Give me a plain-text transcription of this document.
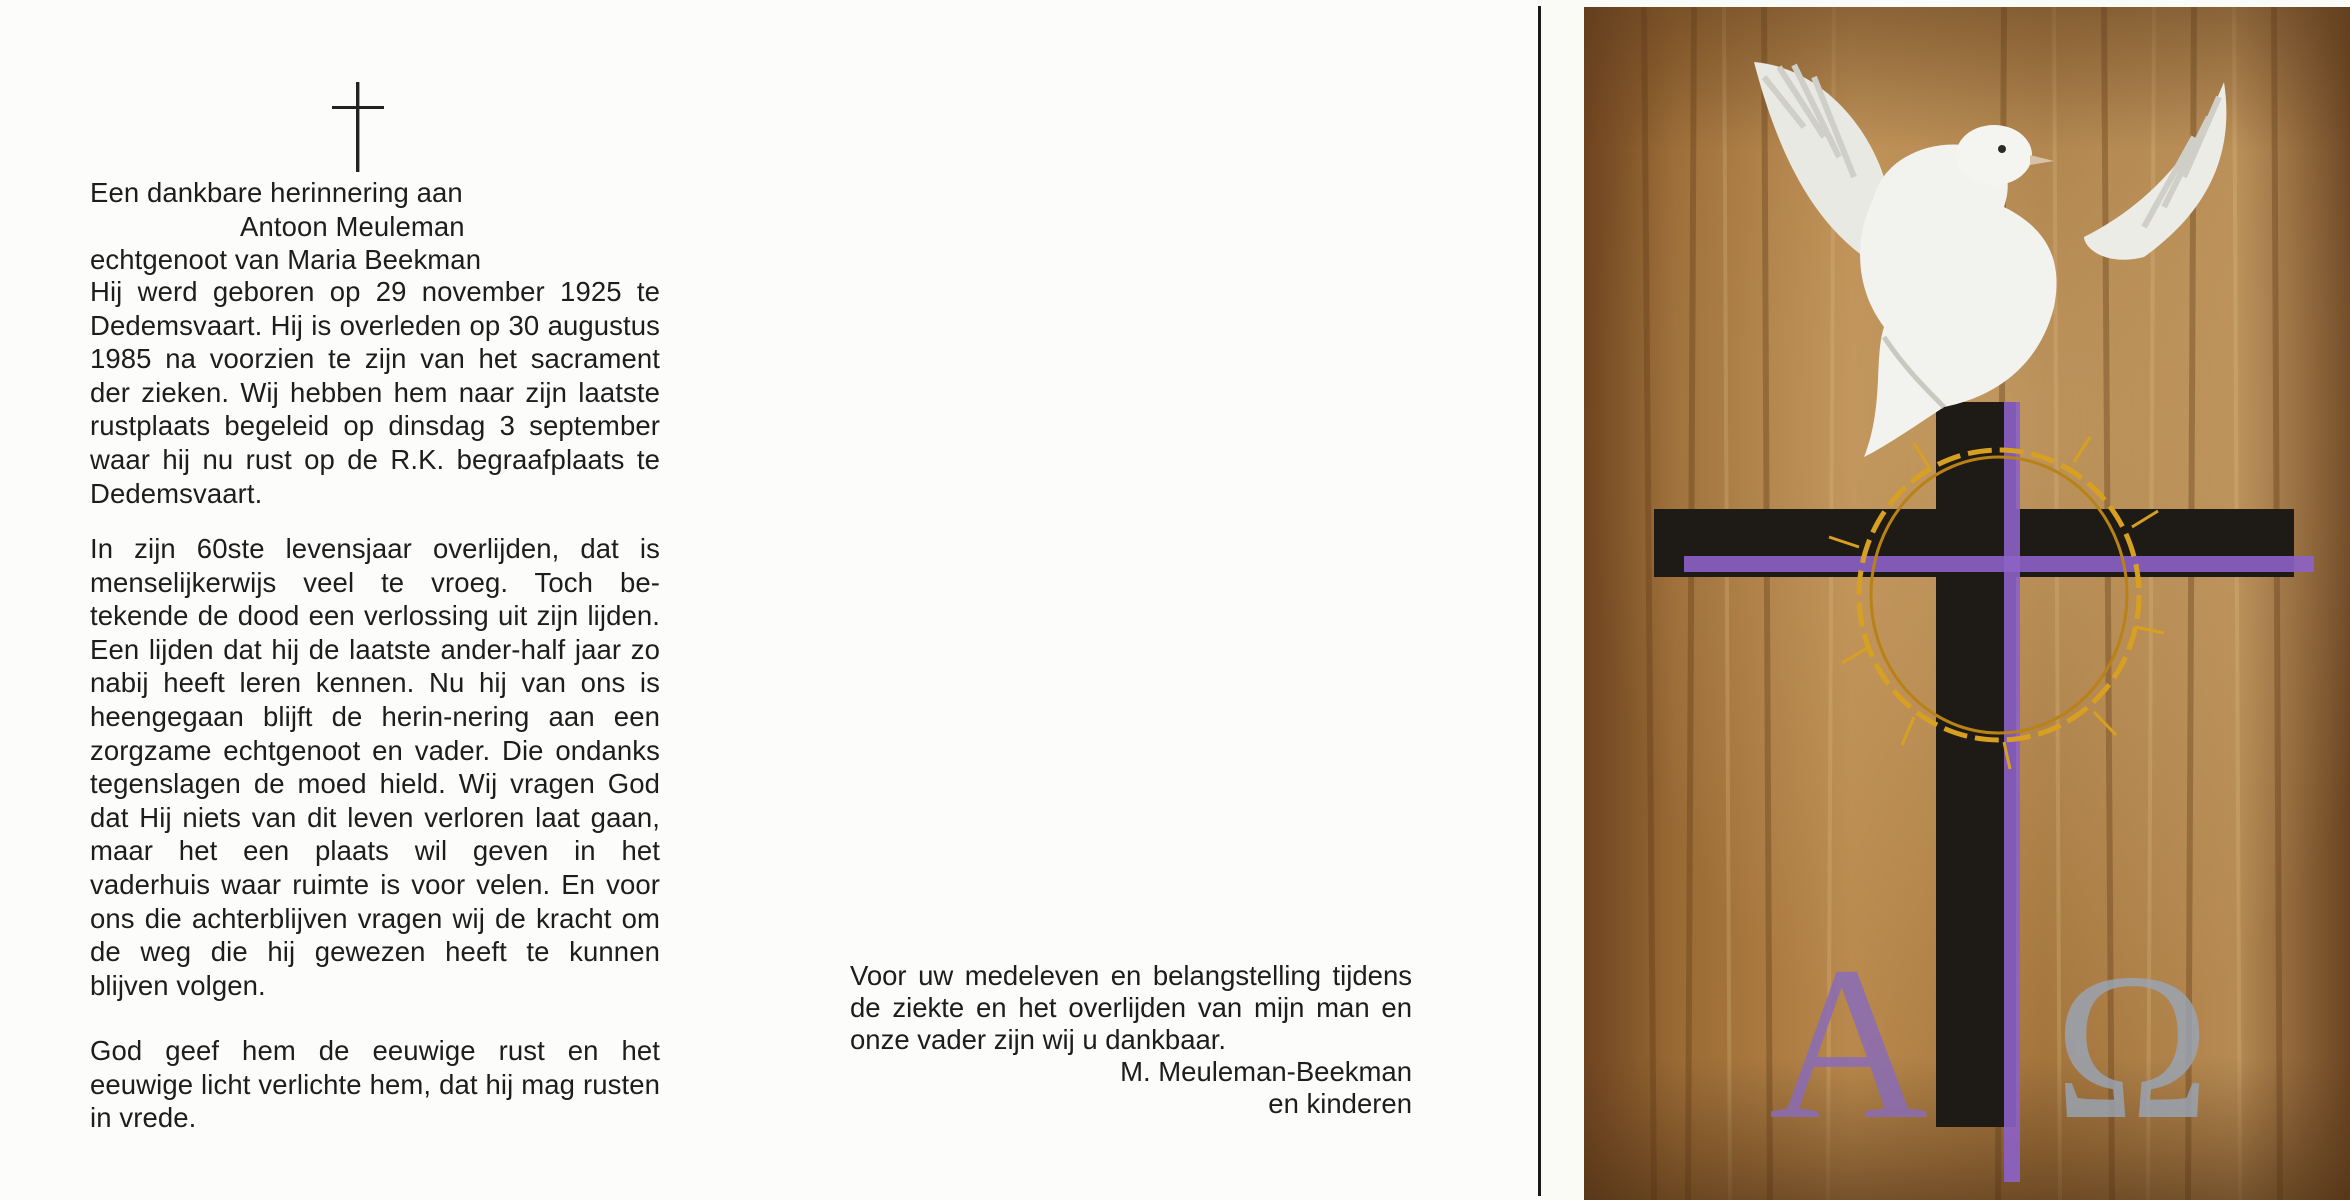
Een dankbare herinnering aan
Antoon Meuleman
echtgenoot van Maria Beekman

Hij werd geboren op 29 november 1925 te Dedemsvaart. Hij is overleden op 30 augustus 1985 na voorzien te zijn van het sacrament der zieken. Wij hebben hem naar zijn laatste rustplaats begeleid op dinsdag 3 september waar hij nu rust op de R.K. begraafplaats te Dedemsvaart.

In zijn 60ste levensjaar overlijden, dat is menselijkerwijs veel te vroeg. Toch be-tekende de dood een verlossing uit zijn lijden. Een lijden dat hij de laatste ander-half jaar zo nabij heeft leren kennen. Nu hij van ons is heengegaan blijft de herin-nering aan een zorgzame echtgenoot en vader. Die ondanks tegenslagen de moed hield. Wij vragen God dat Hij niets van dit leven verloren laat gaan, maar het een plaats wil geven in het vaderhuis waar ruimte is voor velen. En voor ons die achterblijven vragen wij de kracht om de weg die hij gewezen heeft te kunnen blijven volgen.

God geef hem de eeuwige rust en het eeuwige licht verlichte hem, dat hij mag rusten in vrede.

Voor uw medeleven en belangstelling tijdens de ziekte en het overlijden van mijn man en onze vader zijn wij u dankbaar.

M. Meuleman-Beekman

en kinderen A Ω
